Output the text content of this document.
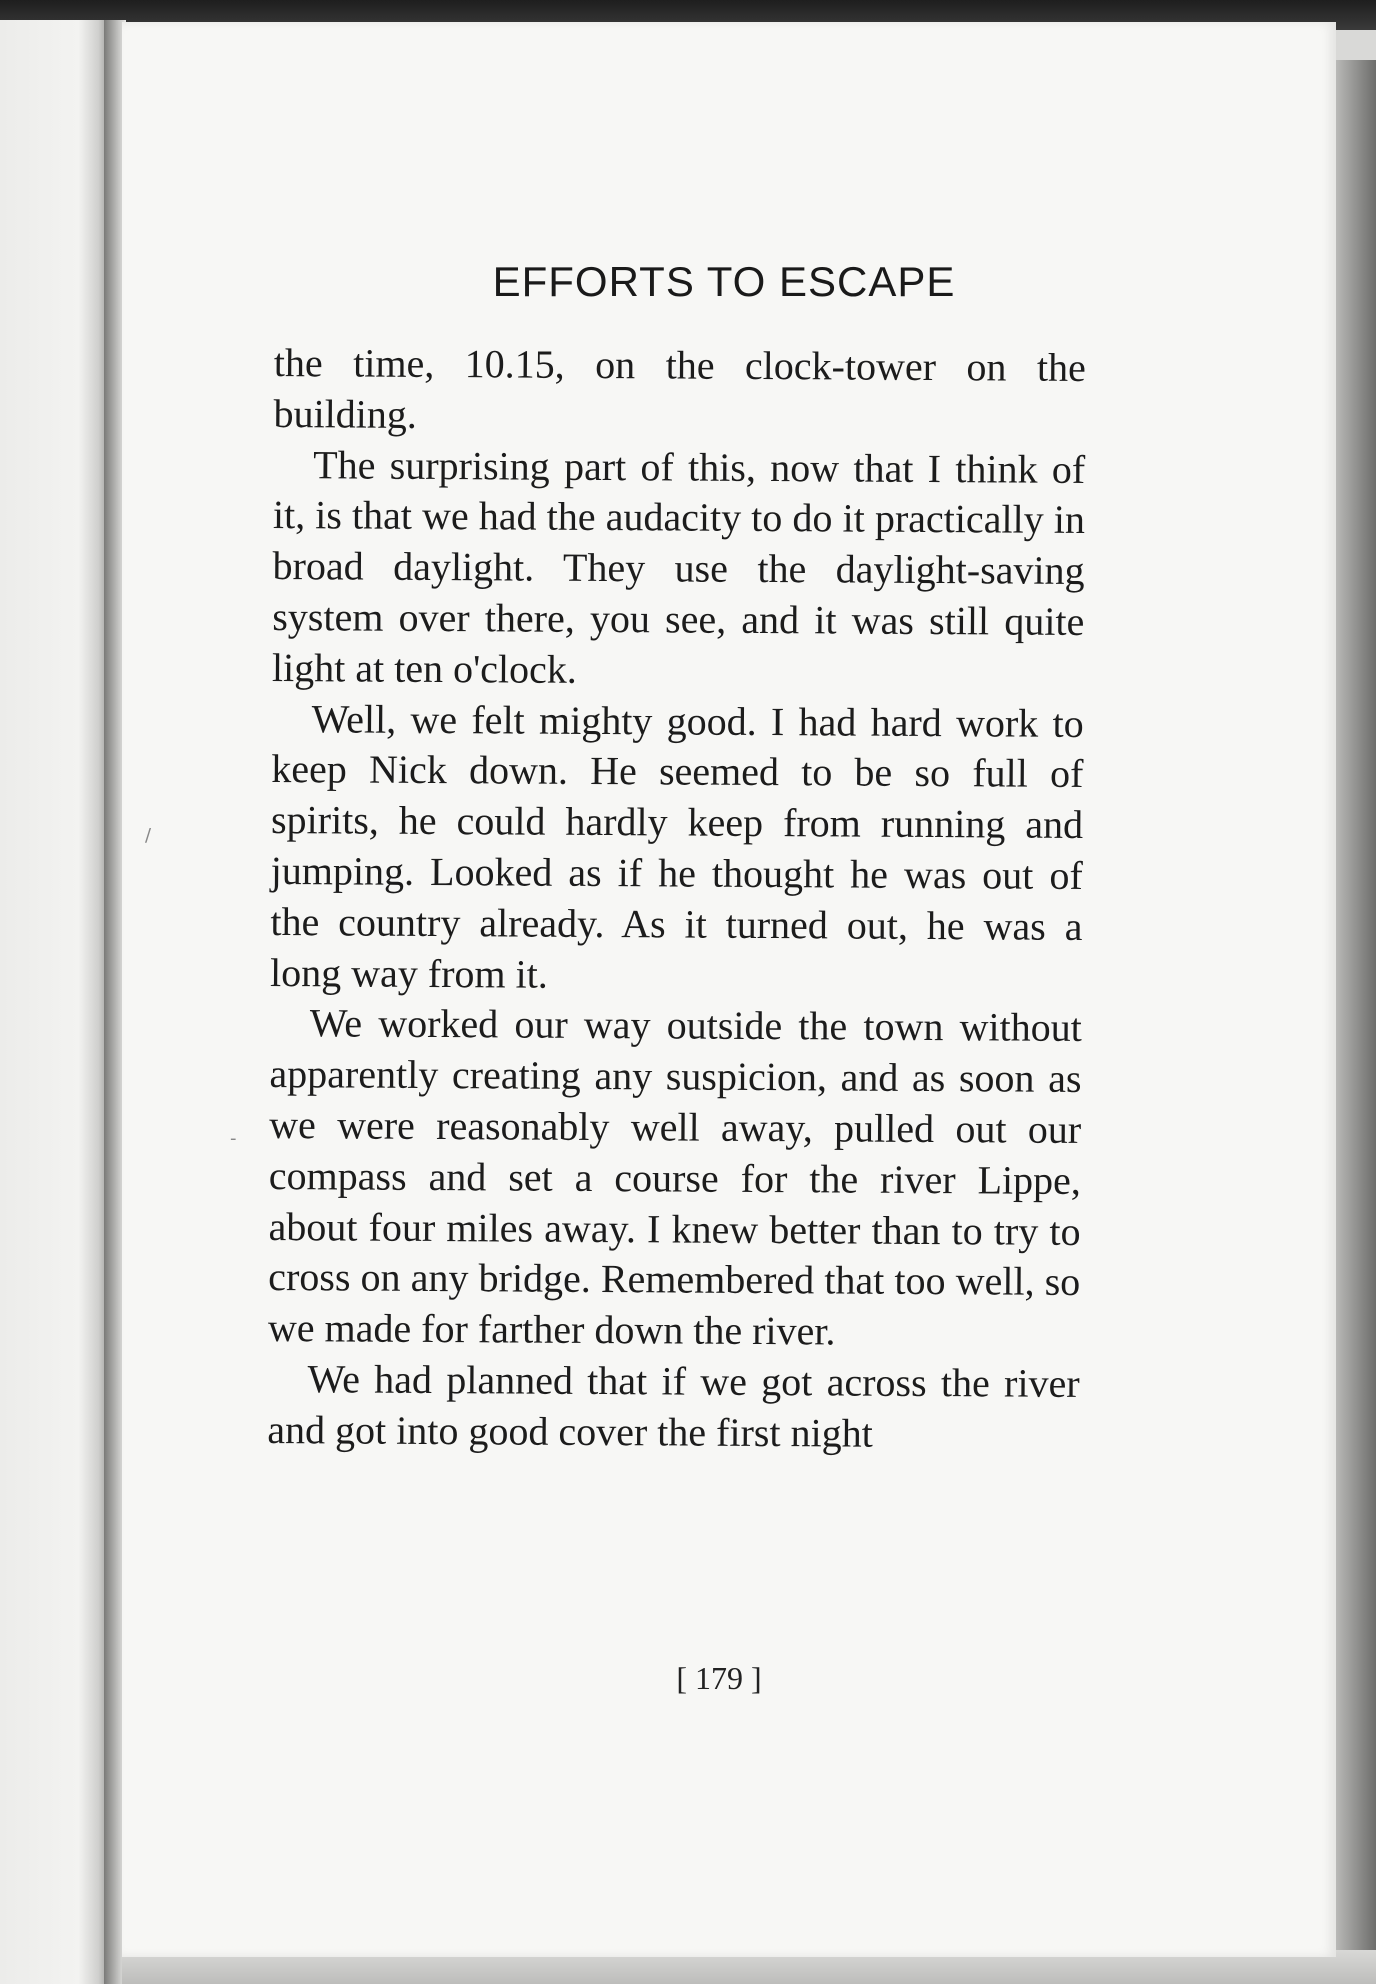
EFFORTS TO ESCAPE

the time, 10.15, on the clock-tower on the building.

The surprising part of this, now that I think of it, is that we had the audacity to do it practically in broad daylight. They use the daylight-saving system over there, you see, and it was still quite light at ten o'clock.

Well, we felt mighty good. I had hard work to keep Nick down. He seemed to be so full of spirits, he could hardly keep from running and jumping. Looked as if he thought he was out of the country already. As it turned out, he was a long way from it.

We worked our way outside the town without apparently creating any suspicion, and as soon as we were reasonably well away, pulled out our compass and set a course for the river Lippe, about four miles away. I knew better than to try to cross on any bridge. Remembered that too well, so we made for farther down the river.

We had planned that if we got across the river and got into good cover the first night

[ 179 ]
/
-
